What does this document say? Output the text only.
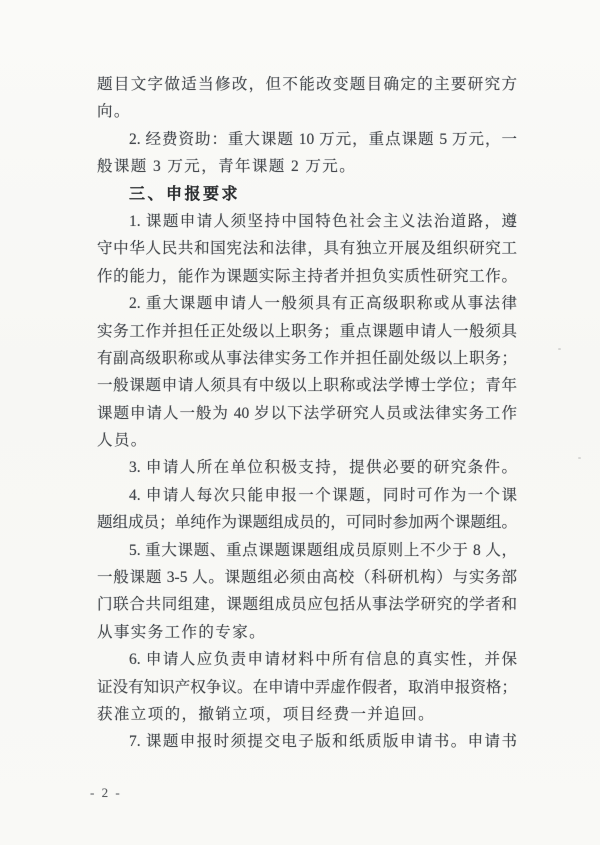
题目文字做适当修改，但不能改变题目确定的主要研究方
向。
2. 经费资助：重大课题 10 万元，重点课题 5 万元，一
般课题 3 万元，青年课题 2 万元。
三、申报要求
1. 课题申请人须坚持中国特色社会主义法治道路，遵
守中华人民共和国宪法和法律，具有独立开展及组织研究工
作的能力，能作为课题实际主持者并担负实质性研究工作。
2. 重大课题申请人一般须具有正高级职称或从事法律
实务工作并担任正处级以上职务；重点课题申请人一般须具
有副高级职称或从事法律实务工作并担任副处级以上职务；
一般课题申请人须具有中级以上职称或法学博士学位；青年
课题申请人一般为 40 岁以下法学研究人员或法律实务工作
人员。
3. 申请人所在单位积极支持，提供必要的研究条件。
4. 申请人每次只能申报一个课题，同时可作为一个课
题组成员；单纯作为课题组成员的，可同时参加两个课题组。
5. 重大课题、重点课题课题组成员原则上不少于 8 人，
一般课题 3-5 人。课题组必须由高校（科研机构）与实务部
门联合共同组建，课题组成员应包括从事法学研究的学者和
从事实务工作的专家。
6. 申请人应负责申请材料中所有信息的真实性，并保
证没有知识产权争议。在申请中弄虚作假者，取消申报资格；
获准立项的，撤销立项，项目经费一并追回。
7. 课题申报时须提交电子版和纸质版申请书。申请书
- 2 -
